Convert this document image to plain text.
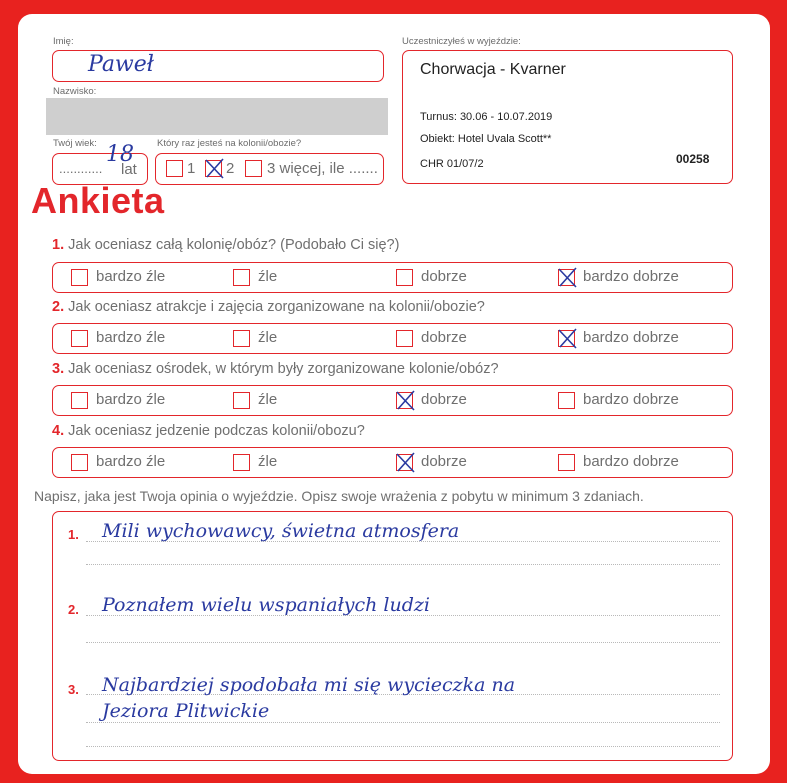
Imię:
Paweł
Nazwisko:
Twój wiek:
............
18
lat
Który raz jesteś na kolonii/obozie?
1 2 3 więcej, ile .......
Uczestniczyłeś w wyjeździe:
Chorwacja - Kvarner
Turnus: 30.06 - 10.07.2019
Obiekt: Hotel Uvala Scott**
CHR 01/07/2	00258
Ankieta
1. Jak oceniasz całą kolonię/obóz? (Podobało Ci się?)
bardzo źle	źle	dobrze	bardzo dobrze
2. Jak oceniasz atrakcje i zajęcia zorganizowane na kolonii/obozie?
bardzo źle	źle	dobrze	bardzo dobrze
3. Jak oceniasz ośrodek, w którym były zorganizowane kolonie/obóz?
bardzo źle	źle	dobrze	bardzo dobrze
4. Jak oceniasz jedzenie podczas kolonii/obozu?
bardzo źle	źle	dobrze	bardzo dobrze
Napisz, jaka jest Twoja opinia o wyjeździe. Opisz swoje wrażenia z pobytu w minimum 3 zdaniach.
1. Mili wychowawcy, świetna atmosfera
2. Poznałem wielu wspaniałych ludzi
3. Najbardziej spodobała mi się wycieczka na
Jeziora Plitwickie
